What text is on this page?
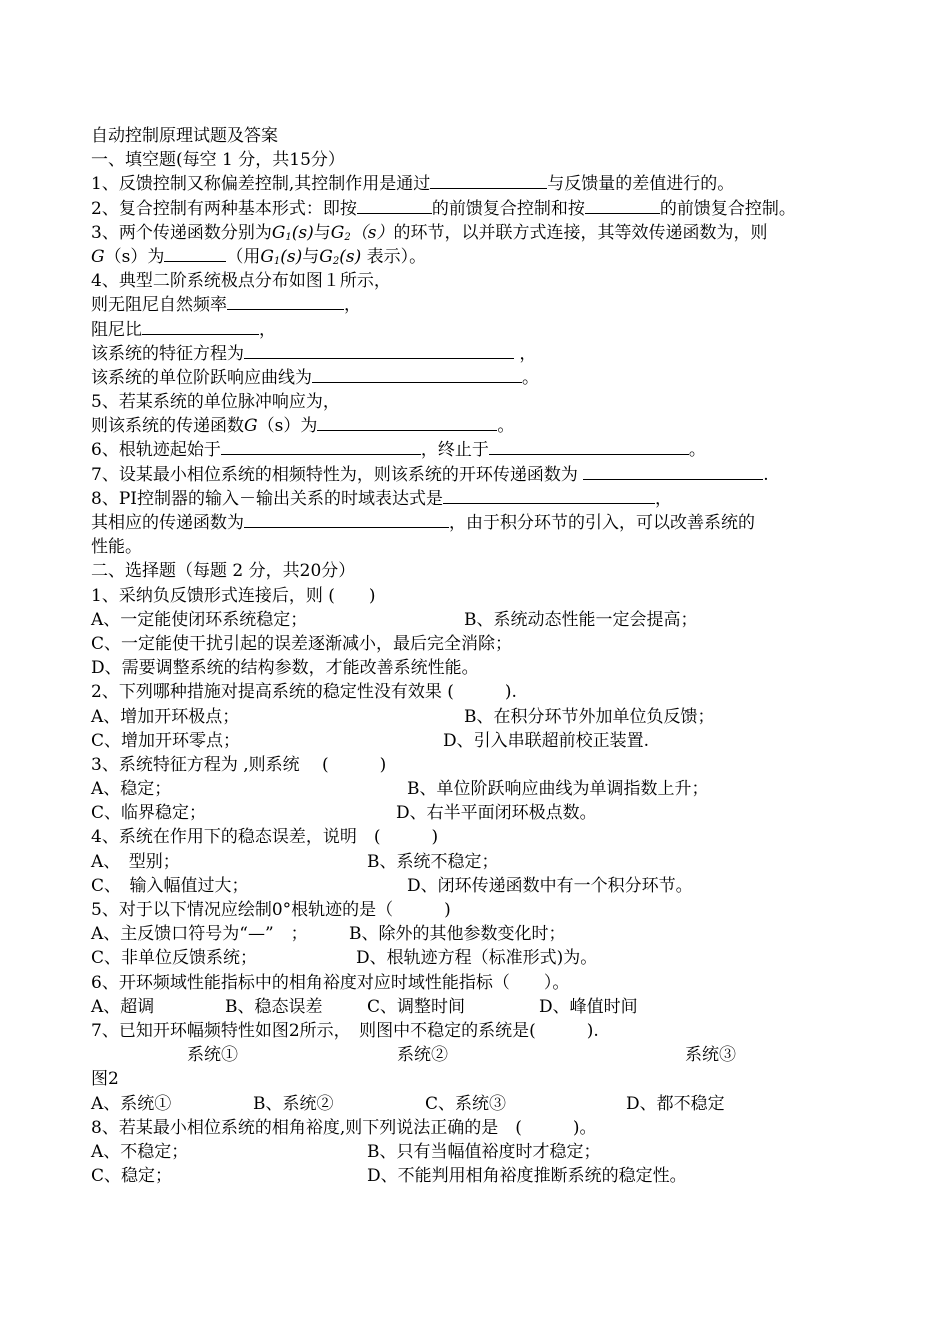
自动控制原理试题及答案
一、填空题(每空 1 分，共15分）
1、反馈控制又称偏差控制,其控制作用是通过	与反馈量的差值进行的。
2、复合控制有两种基本形式：即按	的前馈复合控制和按	的前馈复合控制。
3、两个传递函数分别为$G_1(s)$与$G_2(s)$的环节，以并联方式连接，其等效传递函数为，则
G（s）为	（用$G_1(s)$与$G_2(s)$ 表示）。
4、典型二阶系统极点分布如图１所示，
则无阻尼自然频率	，
阻尼比	，
该系统的特征方程为	，
该系统的单位阶跃响应曲线为	。
5、若某系统的单位脉冲响应为，
则该系统的传递函数G（s）为	。
6、根轨迹起始于	，终止于	。
7、设某最小相位系统的相频特性为，则该系统的开环传递函数为	.
8、PI控制器的输入－输出关系的时域表达式是	，
其相应的传递函数为	，由于积分环节的引入，可以改善系统的
性能。
二、选择题（每题 2 分，共20分）
1、采纳负反馈形式连接后，则 (　　)
A、一定能使闭环系统稳定；	B、系统动态性能一定会提高；
C、一定能使干扰引起的误差逐渐减小，最后完全消除；
D、需要调整系统的结构参数，才能改善系统性能。
2、下列哪种措施对提高系统的稳定性没有效果 (　　　).
A、增加开环极点；	B、在积分环节外加单位负反馈；
C、增加开环零点；	D、引入串联超前校正装置.
3、系统特征方程为 ,则系统 　(　　　)
A、稳定；	B、单位阶跃响应曲线为单调指数上升；
C、临界稳定；	D、右半平面闭环极点数。
4、系统在作用下的稳态误差，说明　(　　　)
A、　型别；	B、系统不稳定；
C、　输入幅值过大；	D、闭环传递函数中有一个积分环节。
5、对于以下情况应绘制0°根轨迹的是（　　　)
A、主反馈口符号为“—”　； B、除外的其他参数变化时；
C、非单位反馈系统；	D、根轨迹方程（标准形式)为。
6、开环频域性能指标中的相角裕度对应时域性能指标（　　）。
A、超调	B、稳态误差	C、调整时间	D、峰值时间
7、已知开环幅频特性如图2所示，　则图中不稳定的系统是(　　　).
系统①	系统②	系统③
图2
A、系统①	B、系统②	C、系统③	D、都不稳定
8、若某最小相位系统的相角裕度,则下列说法正确的是　(　　　)。
A、不稳定；	B、只有当幅值裕度时才稳定；
C、稳定；	D、不能判用相角裕度推断系统的稳定性。
